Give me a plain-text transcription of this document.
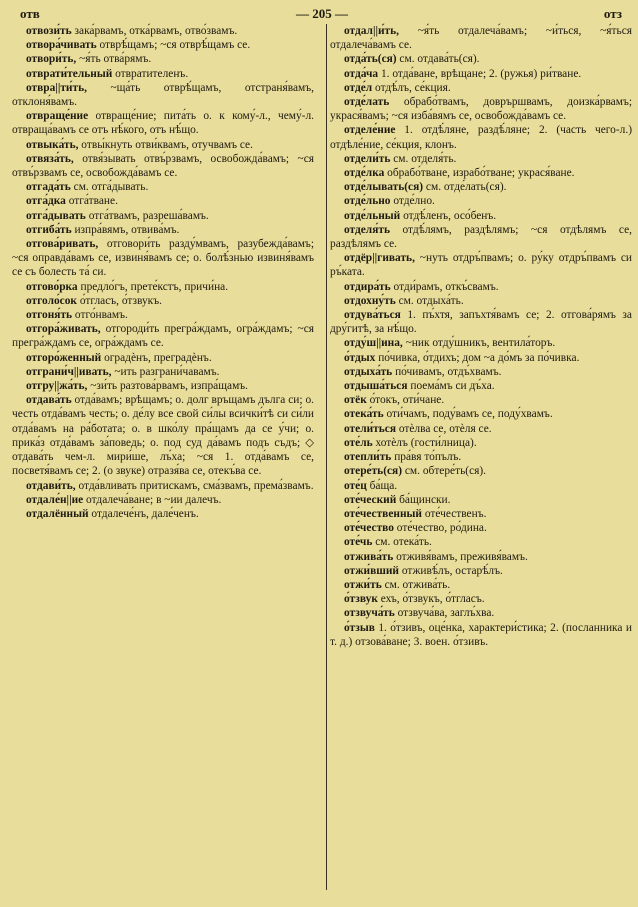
отв	— 205 —	отз

отвози́ть зака́рвамъ, отка́рвамъ, отво́звамъ.

отвора́чивать отврѣ́щамъ; ~ся отврѣ́щамъ се.

отвори́ть, ~я́ть отва́рямъ.

отврати́тельный отвратителенъ.

отвра||ти́ть, ~ща́ть отврѣ́щамъ, отстраня́вамъ, отклоня́вамъ.

отвраще́ние отвраще́ние; пита́ть о. к кому́-л., чему́-л. отвраща́вамъ се отъ нѣ́кого, отъ нѣ́що.

отвыка́ть, отвы́кнуть отви́квамъ, отучвамъ се.

отвяза́ть, отвя́зывать отвъ́рзвамъ, освобожда́вамъ; ~ся отвъ́рзвамъ се, освобожда́вамъ се.

отгада́ть см. отга́дывать.

отга́дка отга́тване.

отга́дывать отга́твамъ, разреша́вамъ.

отгиба́ть изпра́вямъ, отвива́мъ.

отгова́ривать, отговори́ть разду́мвамъ, разубежда́вамъ; ~ся оправда́вамъ се, извиня́вамъ се; о. болѣ́знью извиня́вамъ се съ болесть та́ си.

отгово́рка предло́гъ, прете́кстъ, причи́на.

отголо́сок о́тгласъ, о́тзвукъ.

отгоня́ть отго́нвамъ.

отгора́живать, отгороди́ть прегра́ждамъ, огра́ждамъ; ~ся прегра́ждамъ се, огра́ждамъ се.

отгоро́женный оградѐнъ, преградѐнъ.

отграни́ч||ивать, ~ить разграни́чавамъ.

отгру||жа́ть, ~зи́ть разтова́рвамъ, изпра́щамъ.

отдава́ть отда́вамъ; врѣщамъ; о. долг връщамъ дълга си; о. честь отда́вамъ честь; о. де́лу все свой си́лы всички́тѣ си си́ли отда́вамъ на ра́ботата; о. в шко́лу пра́щамъ да се у́чи; о. прика́з отда́вамъ за́поведь; о. под суд да́вамъ подъ съдъ; ◇ отдава́ть чем-л. мири́ше, лъ́ха; ~ся 1. отда́вамъ се, посветя́вамъ се; 2. (о звуке) отразя́ва се, отекъ́ва се.

отдави́ть, отда́вливать притискамъ, сма́звамъ, према́звамъ.

отдале́н||ие отдалеча́ване; в ~ии далечъ.

отдалённый отдалече́нъ, дале́ченъ.

отдал||и́ть, ~я́ть отдалеча́вамъ; ~и́ться, ~я́ться отдалеча́вамъ се.

отда́ть(ся) см. отдава́ть(ся).

отда́ча 1. отда́ване, врѣщане; 2. (ружья) ри́тване.

отде́л отдѣ́лъ, се́кция.

отде́лать обрабо́твамъ, доврършвамъ, доизка́рвамъ; украся́вамъ; ~ся изба́вямъ се, освобожда́вамъ се.

отделе́ние 1. отдѣ́ляне, раздѣ́ляне; 2. (часть чего-л.) отдѣле́ние, се́кция, клонъ.

отдели́ть см. отделя́ть.

отде́лка обрабо́тване, израбо́тване; украся́ване.

отде́лывать(ся) см. отде́лать(ся).

отде́льно отде́лно.

отде́льный отдѣ́ленъ, осо́бенъ.

отделя́ть отдѣ́лямъ, раздѣлямъ; ~ся отдѣлямъ се, раздѣлямъ се.

отдёр||гивать, ~нуть отдръ́пвамъ; о. ру́ку отдръ́пвамъ си ръ́ката.

отдира́ть отди́рамъ, откъ́свамъ.

отдохну́ть см. отдыха́ть.

отдува́ться 1. пъ́хтя, запъхтя́вамъ се; 2. отгова́рямъ за дру́гитѣ, за нѣ́що.

отду́ш||ина, ~ник отду́шникъ, вентила́торъ.

о́тдых по́чивка, о́тдихъ; дом ~а до́мъ за по́чивка.

отдыха́ть по́чивамъ, отдъ́хвамъ.

отдыша́ться поема́мъ си дъ́ха.

отёк о́токъ, оти́чане.

отека́ть оти́чамъ, поду́вамъ се, поду́хвамъ.

отели́ться отѐлва се, отѐля се.

оте́ль хотѐлъ (гости́лница).

отепли́ть пра́вя то́пълъ.

отере́ть(ся) см. обтере́ть(ся).

оте́ц ба́ща.

оте́ческий ба́щински.

оте́чественный оте́чественъ.

оте́чество оте́чество, ро́дина.

оте́чь см. отека́ть.

отжива́ть отживя́вамъ, преживя́вамъ.

отжи́вший отживѣ́лъ, остарѣ́лъ.

отжи́ть см. отжива́ть.

о́тзвук ехъ, о́тзвукъ, о́тгласъ.

отзвуча́ть отзвуча́ва, заглъ́хва.

о́тзыв 1. о́тзивъ, оце́нка, характери́стика; 2. (посланника и т. д.) отзова́ване; 3. воен. о́тзивъ.
